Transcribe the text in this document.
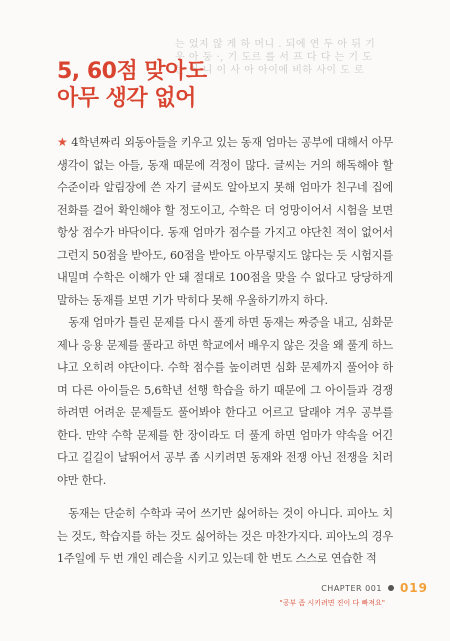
는 었지 않 게 하 머니 . 되에 연 두 아 뒤 기
우 아 둥 ·, 기 도르 를 서 프 다 다 는 기 도
는 어 니 이 사 아 아이에 비하 사이 도 로
5, 60점 맞아도
아무 생각 없어

★ 4학년짜리 외동아들을 키우고 있는 동재 엄마는 공부에 대해서 아무 생각이 없는 아들, 동재 때문에 걱정이 많다. 글씨는 거의 해독해야 할 수준이라 알림장에 쓴 자기 글씨도 알아보지 못해 엄마가 친구네 집에 전화를 걸어 확인해야 할 정도이고, 수학은 더 엉망이어서 시험을 보면 항상 점수가 바닥이다. 동재 엄마가 점수를 가지고 야단친 적이 없어서 그런지 50점을 받아도, 60점을 받아도 아무렇지도 않다는 듯 시험지를 내밀며 수학은 이해가 안 돼 절대로 100점을 맞을 수 없다고 당당하게 말하는 동재를 보면 기가 막히다 못해 우울하기까지 하다.

동재 엄마가 틀린 문제를 다시 풀게 하면 동재는 짜증을 내고, 심화문제나 응용 문제를 풀라고 하면 학교에서 배우지 않은 것을 왜 풀게 하느냐고 오히려 야단이다. 수학 점수를 높이려면 심화 문제까지 풀어야 하며 다른 아이들은 5,6학년 선행 학습을 하기 때문에 그 아이들과 경쟁하려면 어려운 문제들도 풀어봐야 한다고 어르고 달래야 겨우 공부를 한다. 만약 수학 문제를 한 장이라도 더 풀게 하면 엄마가 약속을 어긴다고 길길이 날뛰어서 공부 좀 시키려면 동재와 전쟁 아닌 전쟁을 치러야만 한다.

동재는 단순히 수학과 국어 쓰기만 싫어하는 것이 아니다. 피아노 치는 것도, 학습지를 하는 것도 싫어하는 것은 마찬가지다. 피아노의 경우 1주일에 두 번 개인 레슨을 시키고 있는데 한 번도 스스로 연습한 적

CHAPTER 001 019
"공부 좀 시키려면 진이 다 빠져요"
